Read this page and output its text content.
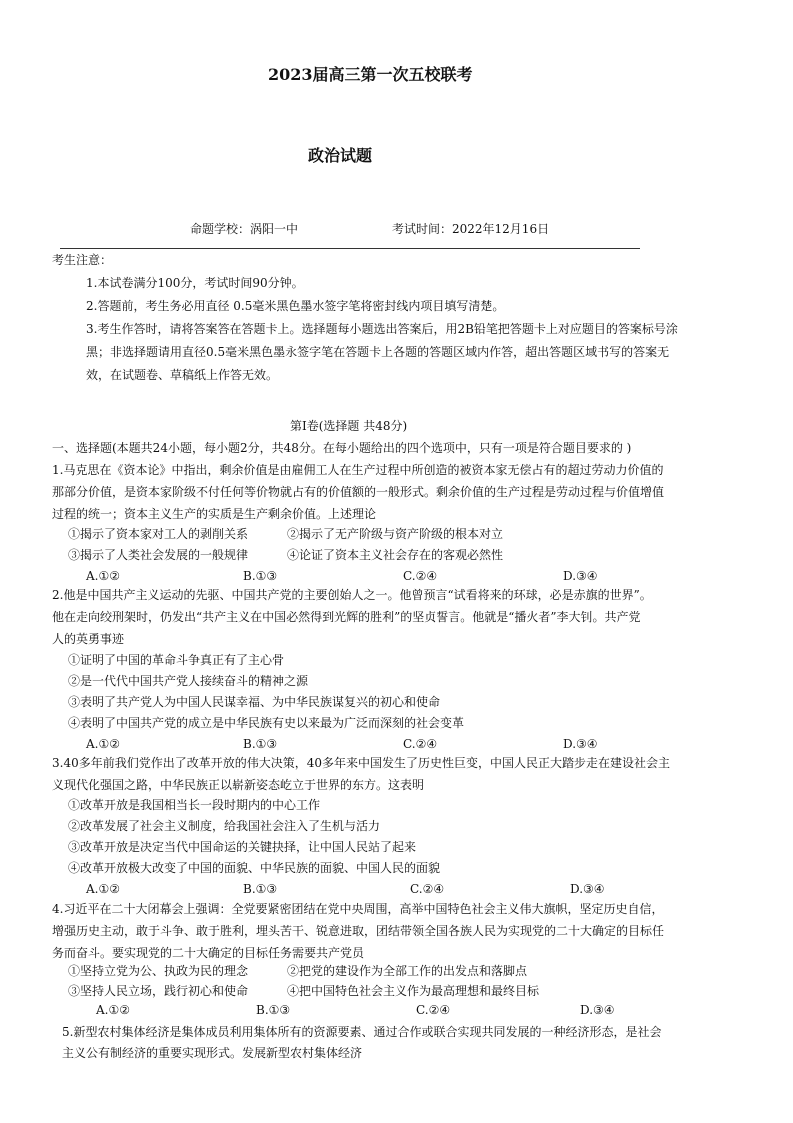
2023届高三第一次五校联考
政治试题
命题学校：涡阳一中	考试时间：2022年12月16日
考生注意：
1.本试卷满分100分，考试时间90分钟。
2.答题前，考生务必用直径 0.5毫米黑色墨水签字笔将密封线内项目填写清楚。
3.考生作答时，请将答案答在答题卡上。选择题每小题选出答案后，用2B铅笔把答题卡上对应题目的答案标号涂
黑；非选择题请用直径0.5毫米黑色墨永签字笔在答题卡上各题的答题区域内作答，超出答题区域书写的答案无
效，在试题卷、草稿纸上作答无效。
第Ⅰ卷(选择题 共48分)
一、选择题(本题共24小题，每小题2分，共48分。在每小题给出的四个选项中，只有一项是符合题目要求的 )
1.马克思在《资本论》中指出，剩余价值是由雇佣工人在生产过程中所创造的被资本家无偿占有的超过劳动力价值的
那部分价值，是资本家阶级不付任何等价物就占有的价值额的一般形式。剩余价值的生产过程是劳动过程与价值增值
过程的统一；资本主义生产的实质是生产剩余价值。上述理论
①揭示了资本家对工人的剥削关系	②揭示了无产阶级与资产阶级的根本对立
③揭示了人类社会发展的一般规律	④论证了资本主义社会存在的客观必然性
A.①②	B.①③	C.②④	D.③④
2.他是中国共产主义运动的先驱、中国共产党的主要创始人之一。他曾预言“试看将来的环球，必是赤旗的世界”。
他在走向绞刑架时，仍发出“共产主义在中国必然得到光辉的胜利”的坚贞誓言。他就是“播火者”李大钊。共产党
人的英勇事迹
①证明了中国的革命斗争真正有了主心骨
②是一代代中国共产党人接续奋斗的精神之源
③表明了共产党人为中国人民谋幸福、为中华民族谋复兴的初心和使命
④表明了中国共产党的成立是中华民族有史以来最为广泛而深刻的社会变革
A.①②	B.①③	C.②④	D.③④
3.40多年前我们党作出了改革开放的伟大决策，40多年来中国发生了历史性巨变，中国人民正大踏步走在建设社会主
义现代化强国之路，中华民族正以崭新姿态屹立于世界的东方。这表明
①改革开放是我国相当长一段时期内的中心工作
②改革发展了社会主义制度，给我国社会注入了生机与活力
③改革开放是决定当代中国命运的关键抉择，让中国人民站了起来
④改革开放极大改变了中国的面貌、中华民族的面貌、中国人民的面貌
A.①②	B.①③	C.②④	D.③④
4.习近平在二十大闭幕会上强调：全党要紧密团结在党中央周围，高举中国特色社会主义伟大旗帜，坚定历史自信，
增强历史主动，敢于斗争、敢于胜利，埋头苦干、锐意进取，团结带领全国各族人民为实现党的二十大确定的目标任
务而奋斗。要实现党的二十大确定的目标任务需要共产党员
①坚持立党为公、执政为民的理念	②把党的建设作为全部工作的出发点和落脚点
③坚持人民立场，践行初心和使命	④把中国特色社会主义作为最高理想和最终目标
A.①②	B.①③	C.②④	D.③④
5.新型农村集体经济是集体成员利用集体所有的资源要素、通过合作或联合实现共同发展的一种经济形态，是社会
主义公有制经济的重要实现形式。发展新型农村集体经济
